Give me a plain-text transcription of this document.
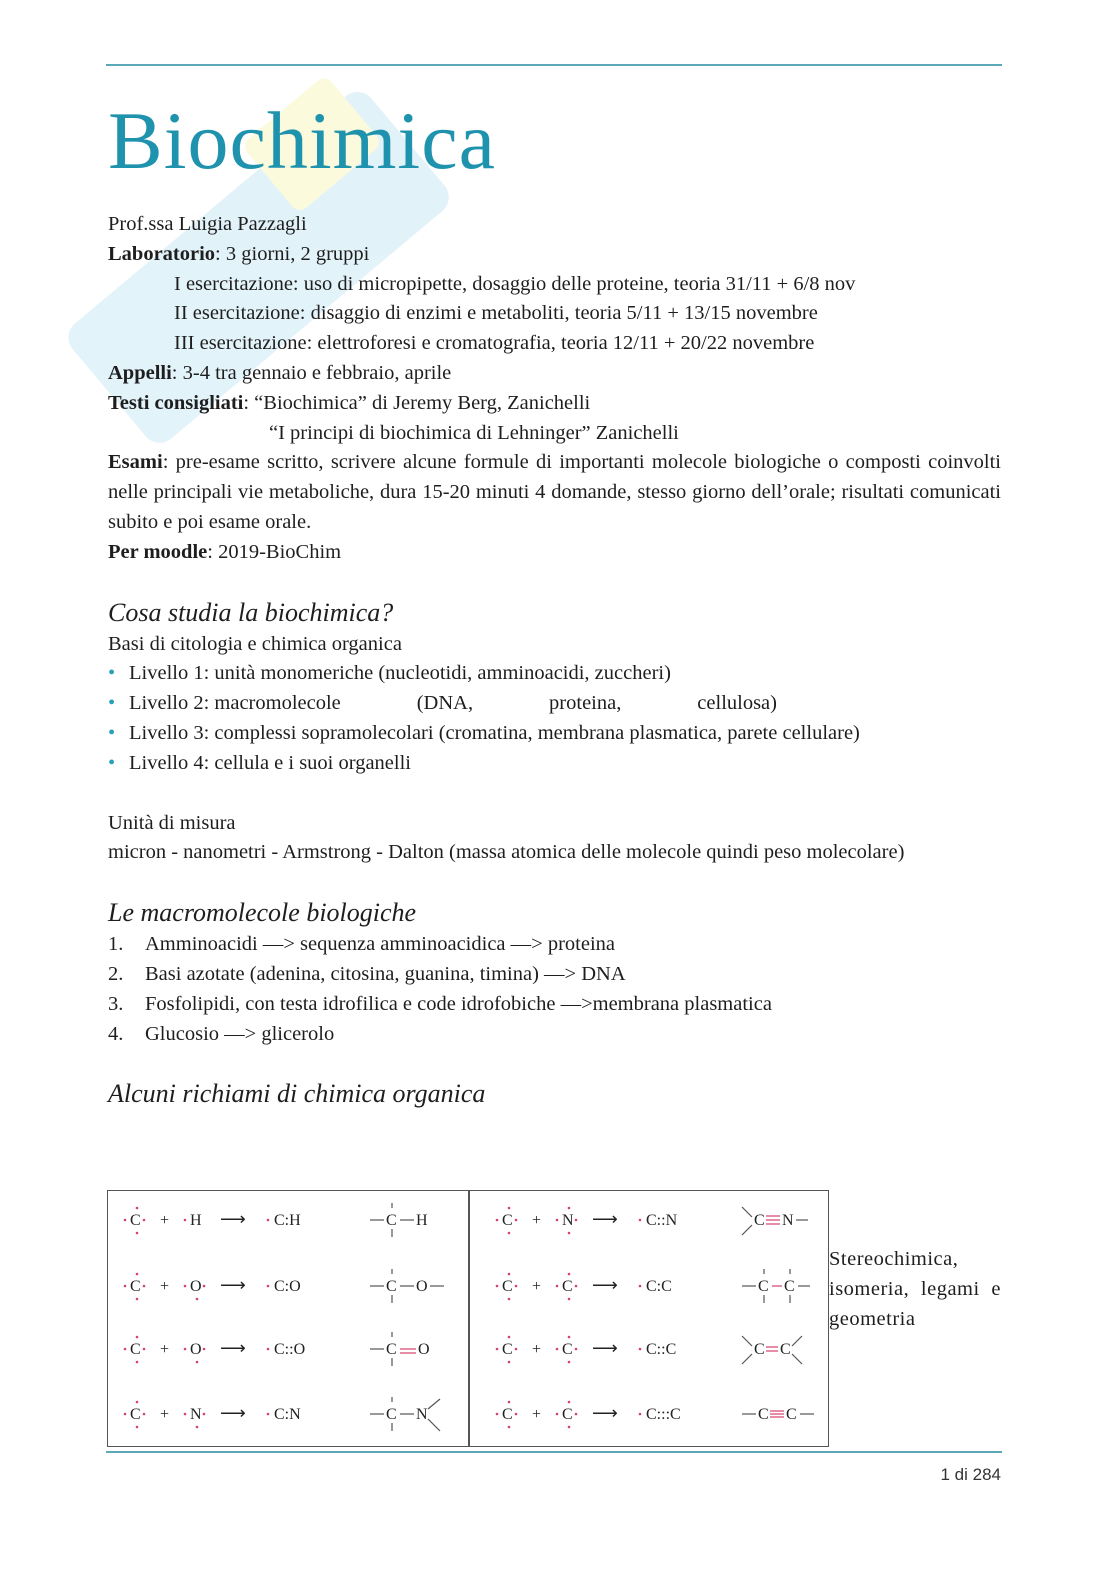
Biochimica

Prof.ssa Luigia Pazzagli

Laboratorio: 3 giorni, 2 gruppi

I esercitazione: uso di micropipette, dosaggio delle proteine, teoria 31/11 + 6/8 nov

II esercitazione: disaggio di enzimi e metaboliti, teoria 5/11 + 13/15 novembre

III esercitazione: elettroforesi e cromatografia, teoria 12/11 + 20/22 novembre

Appelli: 3-4 tra gennaio e febbraio, aprile

Testi consigliati: “Biochimica” di Jeremy Berg, Zanichelli

“I principi di biochimica di Lehninger” Zanichelli

Esami: pre-esame scritto, scrivere alcune formule di importanti molecole biologiche o composti coinvolti nelle principali vie metaboliche, dura 15-20 minuti 4 domande, stesso giorno dell’orale; risultati comunicati subito e poi esame orale.

Per moodle: 2019-BioChim

Cosa studia la biochimica?

Basi di citologia e chimica organica

• Livello 1: unità monomeriche (nucleotidi, amminoacidi, zuccheri)
• Livello 2: macromolecole	(DNA,	proteina,	cellulosa)
• Livello 3: complessi sopramolecolari (cromatina, membrana plasmatica, parete cellulare)
• Livello 4: cellula e i suoi organelli

Unità di misura

micron - nanometri - Armstrong - Dalton (massa atomica delle molecole quindi peso molecolare)

Le macromolecole biologiche

1.	Amminoacidi —> sequenza amminoacidica —> proteina
2.	Basi azotate (adenina, citosina, guanina, timina) —> DNA
3.	Fosfolipidi, con testa idrofilica e code idrofobiche —>membrana plasmatica
4.	Glucosio —> glicerolo

Alcuni richiami di chimica organica

C + H ⟶ C:H	C H
C + O ⟶ C:O	C O
C + O ⟶ C::O	C O
C + N ⟶ C:N	C N
C + N ⟶ C::N	C N
C + C ⟶ C:C	C C
C + C ⟶ C::C	C C
C + C ⟶ C:::C	C C
Stereochimica, isomeria, legami e geometria
1 di 284
